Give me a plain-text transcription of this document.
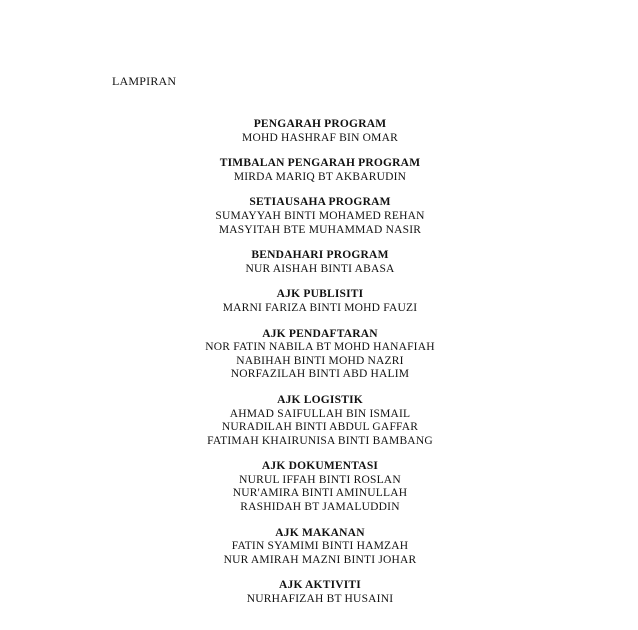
LAMPIRAN
PENGARAH PROGRAM
MOHD HASHRAF BIN OMAR
TIMBALAN PENGARAH PROGRAM
MIRDA MARIQ BT AKBARUDIN
SETIAUSAHA PROGRAM
SUMAYYAH BINTI MOHAMED REHAN
MASYITAH BTE MUHAMMAD NASIR
BENDAHARI PROGRAM
NUR AISHAH BINTI ABASA
AJK PUBLISITI
MARNI FARIZA BINTI MOHD FAUZI
AJK PENDAFTARAN
NOR FATIN NABILA BT MOHD HANAFIAH
NABIHAH BINTI MOHD NAZRI
NORFAZILAH BINTI ABD HALIM
AJK LOGISTIK
AHMAD SAIFULLAH BIN ISMAIL
NURADILAH BINTI ABDUL GAFFAR
FATIMAH KHAIRUNISA BINTI BAMBANG
AJK DOKUMENTASI
NURUL IFFAH BINTI ROSLAN
NUR'AMIRA BINTI AMINULLAH
RASHIDAH BT JAMALUDDIN
AJK MAKANAN
FATIN SYAMIMI BINTI HAMZAH
NUR AMIRAH MAZNI BINTI JOHAR
AJK AKTIVITI
NURHAFIZAH BT HUSAINI
